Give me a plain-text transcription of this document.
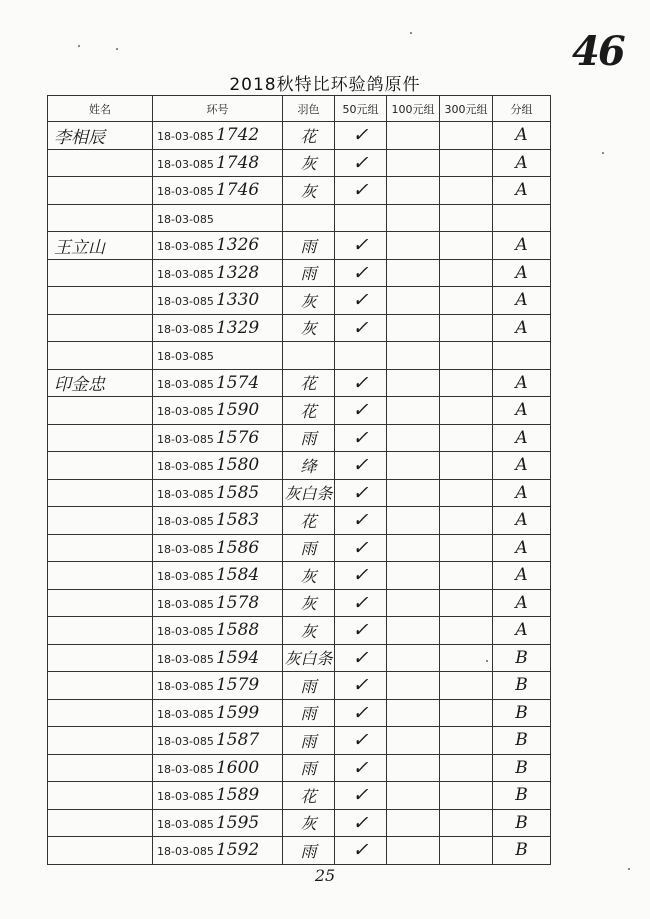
46
2018秋特比环验鸽原件
姓名	环号	羽色	50元组	100元组	300元组	分组
李相辰	18-03-085 1742	花	✓			A
	18-03-085 1748	灰	✓			A
	18-03-085 1746	灰	✓			A
	18-03-085					
王立山	18-03-085 1326	雨	✓			A
	18-03-085 1328	雨	✓			A
	18-03-085 1330	灰	✓			A
	18-03-085 1329	灰	✓			A
	18-03-085					
印金忠	18-03-085 1574	花	✓			A
	18-03-085 1590	花	✓			A
	18-03-085 1576	雨	✓			A
	18-03-085 1580	绛	✓			A
	18-03-085 1585	灰白条	✓			A
	18-03-085 1583	花	✓			A
	18-03-085 1586	雨	✓			A
	18-03-085 1584	灰	✓			A
	18-03-085 1578	灰	✓			A
	18-03-085 1588	灰	✓			A
	18-03-085 1594	灰白条	✓			B
	18-03-085 1579	雨	✓			B
	18-03-085 1599	雨	✓			B
	18-03-085 1587	雨	✓			B
	18-03-085 1600	雨	✓			B
	18-03-085 1589	花	✓			B
	18-03-085 1595	灰	✓			B
	18-03-085 1592	雨	✓			B
25
